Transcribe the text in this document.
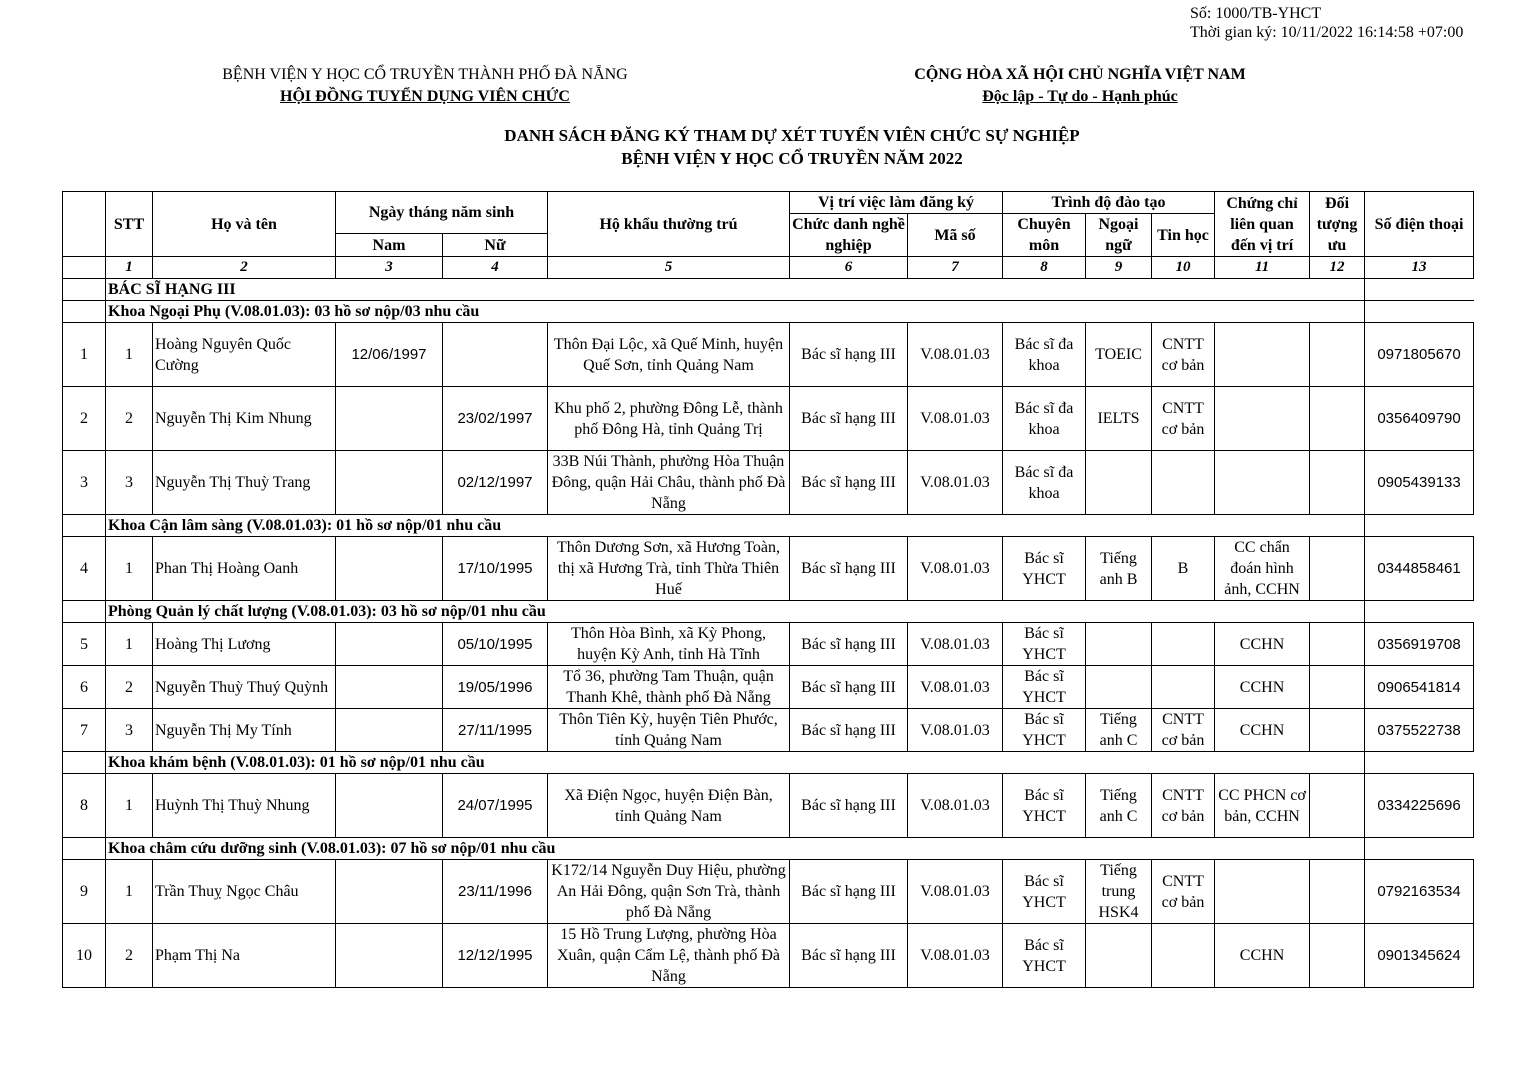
Số: 1000/TB-YHCT
Thời gian ký: 10/11/2022 16:14:58 +07:00
BỆNH VIỆN Y HỌC CỔ TRUYỀN THÀNH PHỐ ĐÀ NẴNG
HỘI ĐỒNG TUYỂN DỤNG VIÊN CHỨC
CỘNG HÒA XÃ HỘI CHỦ NGHĨA VIỆT NAM
Độc lập - Tự do - Hạnh phúc
DANH SÁCH ĐĂNG KÝ THAM DỰ XÉT TUYỂN VIÊN CHỨC SỰ NGHIỆP
BỆNH VIỆN Y HỌC CỔ TRUYỀN NĂM 2022
	STT	Họ và tên	Ngày tháng năm sinh		Hộ khẩu thường trú	Vị trí việc làm đăng ký		Trình độ đào tạo			Chứng chỉ liên quan đến vị trí	Đối tượng ưu	Số điện thoại
						Chức danh nghề nghiệp	Mã số	Chuyên môn	Ngoại ngữ	Tin học			
			Nam	Nữ									
	1	2	3	4	5	6	7	8	9	10	11	12	13
	BÁC SĨ HẠNG III												
	Khoa Ngoại Phụ (V.08.01.03): 03 hồ sơ nộp/03 nhu cầu												
1	1	Hoàng Nguyên Quốc Cường	12/06/1997		Thôn Đại Lộc, xã Quế Minh, huyện Quế Sơn, tỉnh Quảng Nam	Bác sĩ hạng III	V.08.01.03	Bác sĩ đa khoa	TOEIC	CNTT cơ bản			0971805670
2	2	Nguyễn Thị Kim Nhung		23/02/1997	Khu phố 2, phường Đông Lễ, thành phố Đông Hà, tỉnh Quảng Trị	Bác sĩ hạng III	V.08.01.03	Bác sĩ đa khoa	IELTS	CNTT cơ bản			0356409790
3	3	Nguyễn Thị Thuỳ Trang		02/12/1997	33B Núi Thành, phường Hòa Thuận Đông, quận Hải Châu, thành phố Đà Nẵng	Bác sĩ hạng III	V.08.01.03	Bác sĩ đa khoa					0905439133
	Khoa Cận lâm sàng (V.08.01.03): 01 hồ sơ nộp/01 nhu cầu												
4	1	Phan Thị Hoàng Oanh		17/10/1995	Thôn Dương Sơn, xã Hương Toàn, thị xã Hương Trà, tỉnh Thừa Thiên Huế	Bác sĩ hạng III	V.08.01.03	Bác sĩ YHCT	Tiếng anh B	B	CC chẩn đoán hình ảnh, CCHN		0344858461
	Phòng Quản lý chất lượng (V.08.01.03): 03 hồ sơ nộp/01 nhu cầu												
5	1	Hoàng Thị Lương		05/10/1995	Thôn Hòa Bình, xã Kỳ Phong, huyện Kỳ Anh, tỉnh Hà Tĩnh	Bác sĩ hạng III	V.08.01.03	Bác sĩ YHCT			CCHN		0356919708
6	2	Nguyễn Thuỳ Thuý Quỳnh		19/05/1996	Tổ 36, phường Tam Thuận, quận Thanh Khê, thành phố Đà Nẵng	Bác sĩ hạng III	V.08.01.03	Bác sĩ YHCT			CCHN		0906541814
7	3	Nguyễn Thị My Tính		27/11/1995	Thôn Tiên Kỳ, huyện Tiên Phước, tỉnh Quảng Nam	Bác sĩ hạng III	V.08.01.03	Bác sĩ YHCT	Tiếng anh C	CNTT cơ bản	CCHN		0375522738
	Khoa khám bệnh (V.08.01.03): 01 hồ sơ nộp/01 nhu cầu												
8	1	Huỳnh Thị Thuỳ Nhung		24/07/1995	Xã Điện Ngọc, huyện Điện Bàn, tỉnh Quảng Nam	Bác sĩ hạng III	V.08.01.03	Bác sĩ YHCT	Tiếng anh C	CNTT cơ bản	CC PHCN cơ bản, CCHN		0334225696
	Khoa châm cứu dưỡng sinh (V.08.01.03): 07 hồ sơ nộp/01 nhu cầu												
9	1	Trần Thuỵ Ngọc Châu		23/11/1996	K172/14 Nguyễn Duy Hiệu, phường An Hải Đông, quận Sơn Trà, thành phố Đà Nẵng	Bác sĩ hạng III	V.08.01.03	Bác sĩ YHCT	Tiếng trung HSK4	CNTT cơ bản			0792163534
10	2	Phạm Thị Na		12/12/1995	15 Hồ Trung Lượng, phường Hòa Xuân, quận Cẩm Lệ, thành phố Đà Nẵng	Bác sĩ hạng III	V.08.01.03	Bác sĩ YHCT			CCHN		0901345624
